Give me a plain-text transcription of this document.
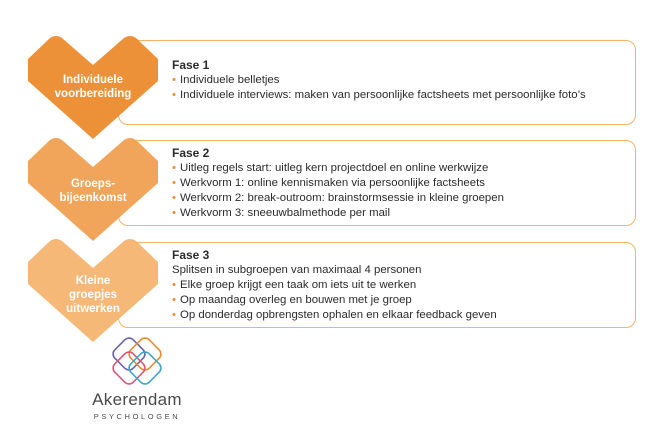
Fase 1
• Individuele belletjes
• Individuele interviews: maken van persoonlijke factsheets met persoonlijke foto’s
Fase 2
• Uitleg regels start: uitleg kern projectdoel en online werkwijze
• Werkvorm 1: online kennismaken via persoonlijke factsheets
• Werkvorm 2: break-outroom: brainstormsessie in kleine groepen
• Werkvorm 3: sneeuwbalmethode per mail
Fase 3
Splitsen in subgroepen van maximaal 4 personen
• Elke groep krijgt een taak om iets uit te werken
• Op maandag overleg en bouwen met je groep
• Op donderdag opbrengsten ophalen en elkaar feedback geven
Individuele
voorbereiding
Groeps-
bijeenkomst
Kleine
groepjes
uitwerken
Akerendam
PSYCHOLOGEN
